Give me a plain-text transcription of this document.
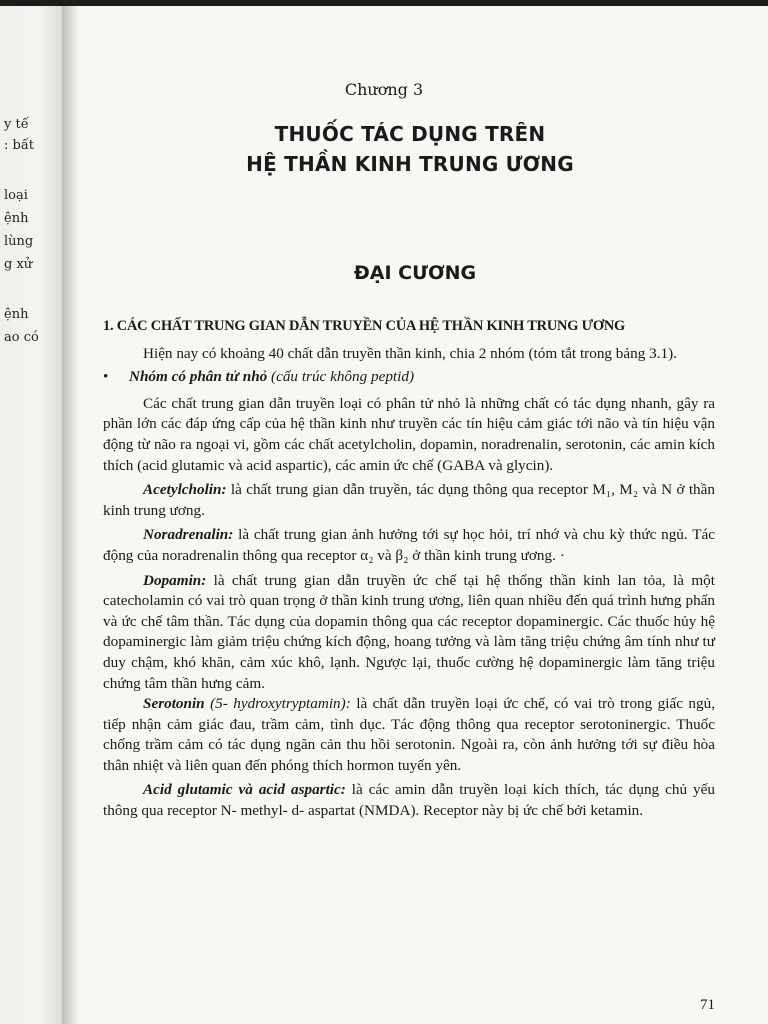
y tế
: bất
loại
ệnh
lùng
g xử
ệnh
ao có
Chương 3
THUỐC TÁC DỤNG TRÊN
HỆ THẦN KINH TRUNG ƯƠNG
ĐẠI CƯƠNG

1. CÁC CHẤT TRUNG GIAN DẪN TRUYỀN CỦA HỆ THẦN KINH TRUNG ƯƠNG

Hiện nay có khoảng 40 chất dẫn truyền thần kinh, chia 2 nhóm (tóm tắt trong bảng 3.1).

• Nhóm có phân tử nhỏ (cấu trúc không peptid)

Các chất trung gian dẫn truyền loại có phân tử nhỏ là những chất có tác dụng nhanh, gây ra phần lớn các đáp ứng cấp của hệ thần kinh như truyền các tín hiệu cảm giác tới não và tín hiệu vận động từ não ra ngoại vi, gồm các chất acetylcholin, dopamin, noradrenalin, serotonin, các amin kích thích (acid glutamic và acid aspartic), các amin ức chế (GABA và glycin).

Acetylcholin: là chất trung gian dẫn truyền, tác dụng thông qua receptor M₁, M₂ và N ở thần kinh trung ương.

Noradrenalin: là chất trung gian ảnh hưởng tới sự học hỏi, trí nhớ và chu kỳ thức ngủ. Tác động của noradrenalin thông qua receptor α₂ và β₂ ở thần kinh trung ương. ·

Dopamin: là chất trung gian dẫn truyền ức chế tại hệ thống thần kinh lan tỏa, là một catecholamin có vai trò quan trọng ở thần kinh trung ương, liên quan nhiều đến quá trình hưng phấn và ức chế tâm thần. Tác dụng của dopamin thông qua các receptor dopaminergic. Các thuốc hủy hệ dopaminergic làm giảm triệu chứng kích động, hoang tưởng và làm tăng triệu chứng âm tính như tư duy chậm, khó khăn, cảm xúc khô, lạnh. Ngược lại, thuốc cường hệ dopaminergic làm tăng triệu chứng tâm thần hưng cảm.

Serotonin (5- hydroxytryptamin): là chất dẫn truyền loại ức chế, có vai trò trong giấc ngủ, tiếp nhận cảm giác đau, trầm cảm, tình dục. Tác động thông qua receptor serotoninergic. Thuốc chống trầm cảm có tác dụng ngăn cản thu hồi serotonin. Ngoài ra, còn ảnh hưởng tới sự điều hòa thân nhiệt và liên quan đến phóng thích hormon tuyến yên.

Acid glutamic và acid aspartic: là các amin dẫn truyền loại kích thích, tác dụng chủ yếu thông qua receptor N- methyl- d- aspartat (NMDA). Receptor này bị ức chế bởi ketamin.

71
